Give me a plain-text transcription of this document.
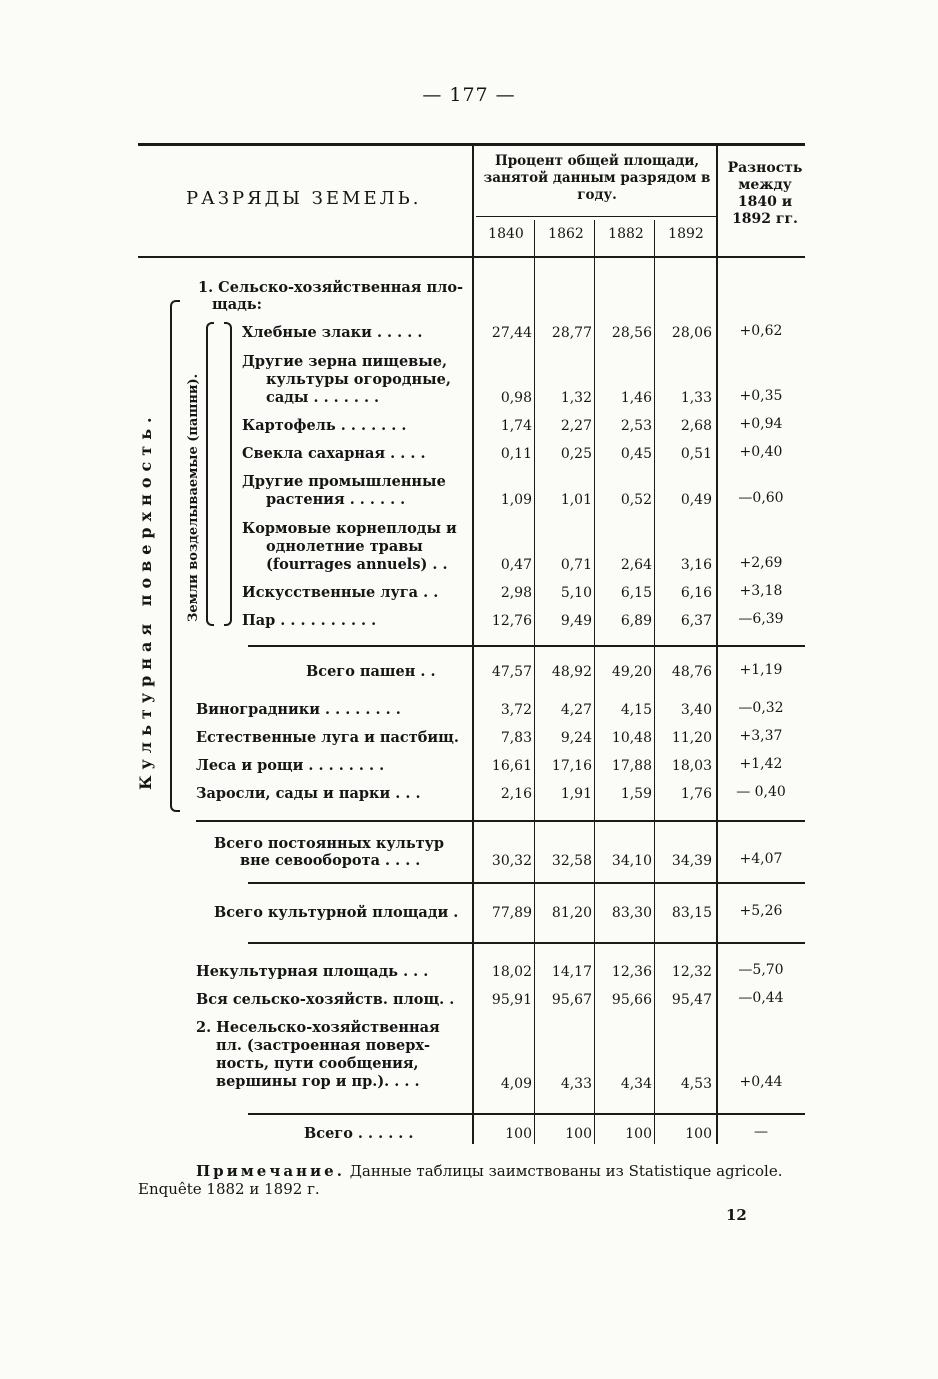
— 177 —
РАЗРЯДЫ ЗЕМЕЛЬ.
Процент общей площади, занятой данным разрядом в году.
Разность
между
1840 и
1892 гг.
1840	1862	1882	1892
Культурная поверхность. Земли возделываемые (пашни).
1. Сельско-хозяйственная пло-
щадь:
Хлебные злаки . . . . .	27,44	28,77	28,56	28,06	+0,62
Другие зерна пищевые,
культуры огородные,
сады . . . . . . .	0,98	1,32	1,46	1,33	+0,35
Картофель . . . . . . .	1,74	2,27	2,53	2,68	+0,94
Свекла сахарная . . . .	0,11	0,25	0,45	0,51	+0,40
Другие промышленные
растения . . . . . .	1,09	1,01	0,52	0,49	—0,60
Кормовые корнеплоды и
однолетние травы
(fourrages annuels) . .	0,47	0,71	2,64	3,16	+2,69
Искусственные луга . .	2,98	5,10	6,15	6,16	+3,18
Пар . . . . . . . . . .	12,76	9,49	6,89	6,37	—6,39
Всего пашен . .	47,57	48,92	49,20	48,76	+1,19
Виноградники . . . . . . . .	3,72	4,27	4,15	3,40	—0,32
Естественные луга и пастбищ.	7,83	9,24	10,48	11,20	+3,37
Леса и рощи . . . . . . . .	16,61	17,16	17,88	18,03	+1,42
Заросли, сады и парки . . .	2,16	1,91	1,59	1,76	— 0,40
Всего постоянных культур
вне севооборота . . . .	30,32	32,58	34,10	34,39	+4,07
Всего культурной площади .	77,89	81,20	83,30	83,15	+5,26
Некультурная площадь . . .	18,02	14,17	12,36	12,32	—5,70
Вся сельско-хозяйств. площ. .	95,91	95,67	95,66	95,47	—0,44
2. Несельско-хозяйственная
пл. (застроенная поверх-
ность, пути сообщения,
вершины гор и пр.). . . .	4,09	4,33	4,34	4,53	+0,44
Всего . . . . . .	100	100	100	100	—
Примечание. Данные таблицы заимствованы из Statistique agricole. Enquête 1882 и 1892 г.
12
